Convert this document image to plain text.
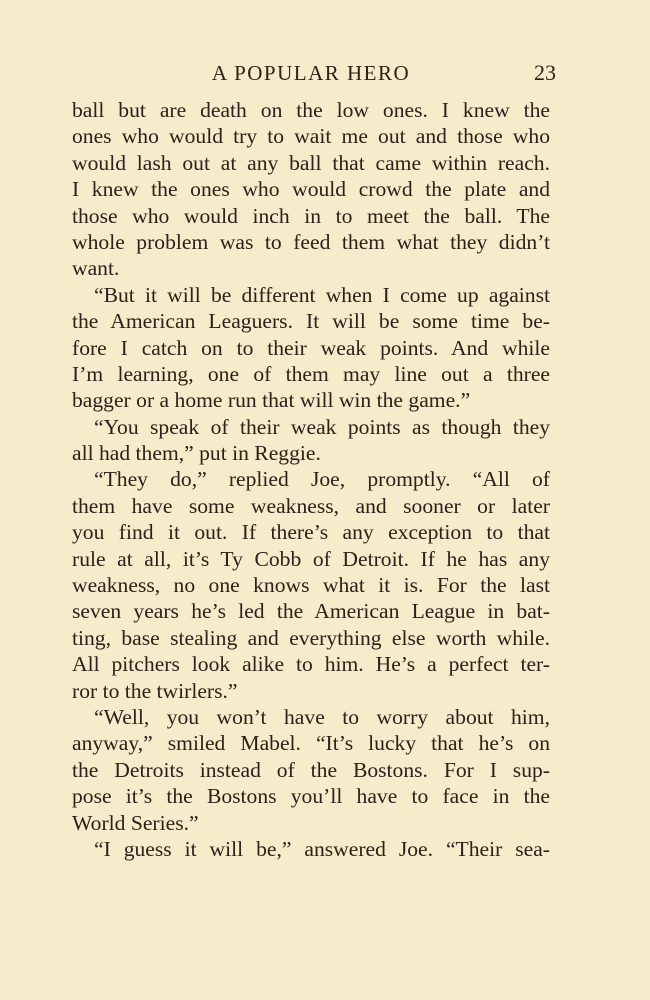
A POPULAR HERO	23
ball but are death on the low ones. I knew the
ones who would try to wait me out and those who
would lash out at any ball that came within reach.
I knew the ones who would crowd the plate and
those who would inch in to meet the ball. The
whole problem was to feed them what they didn’t
want.
“But it will be different when I come up against
the American Leaguers. It will be some time be-
fore I catch on to their weak points. And while
I’m learning, one of them may line out a three
bagger or a home run that will win the game.”
“You speak of their weak points as though they
all had them,” put in Reggie.
“They do,” replied Joe, promptly. “All of
them have some weakness, and sooner or later
you find it out. If there’s any exception to that
rule at all, it’s Ty Cobb of Detroit. If he has any
weakness, no one knows what it is. For the last
seven years he’s led the American League in bat-
ting, base stealing and everything else worth while.
All pitchers look alike to him. He’s a perfect ter-
ror to the twirlers.”
“Well, you won’t have to worry about him,
anyway,” smiled Mabel. “It’s lucky that he’s on
the Detroits instead of the Bostons. For I sup-
pose it’s the Bostons you’ll have to face in the
World Series.”
“I guess it will be,” answered Joe. “Their sea-
